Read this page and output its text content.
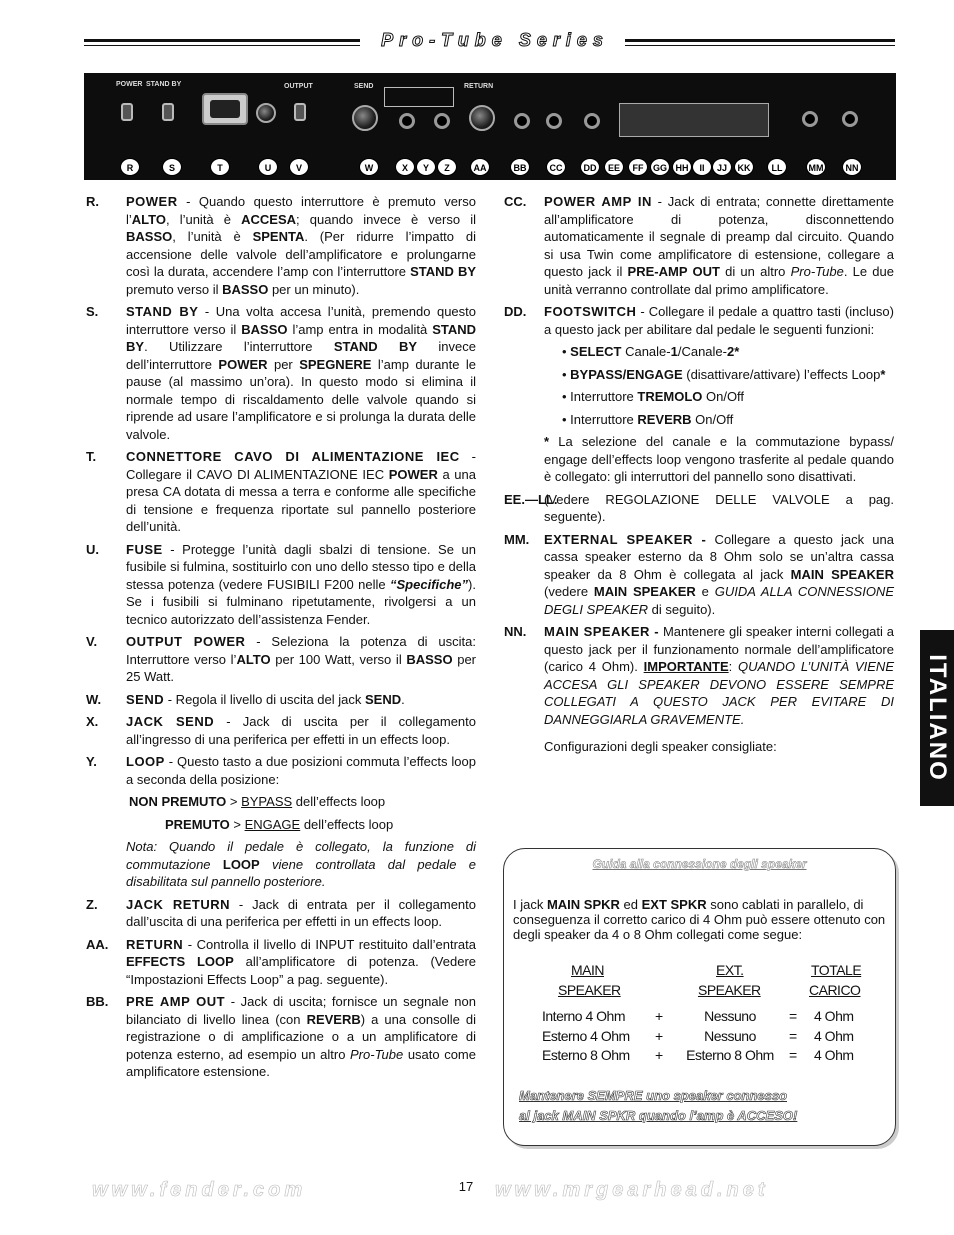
Pro-Tube Series
POWER STAND BY	OUTPUT	SEND	RETURN
R	S	T	U	V	W	X	Y	Z	AA	BB	CC	DD	EE	FF	GG HH	II	JJ	KK	LL	MM	NN
R. POWER - Quando questo interruttore è premuto verso l’ALTO, l’unità è ACCESA; quando invece è verso il BASSO, l’unità è SPENTA. (Per ridurre l’impatto di accensione delle valvole dell’amplificatore e prolungarne così la durata, accendere l’amp con l’interruttore STAND BY premuto verso il BASSO per un minuto).
S. STAND BY - Una volta accesa l’unità, premendo questo interruttore verso il BASSO l’amp entra in modalità STAND BY. Utilizzare l’interruttore STAND BY invece dell’interruttore POWER per SPEGNERE l’amp durante le pause (al massimo un’ora). In questo modo si elimina il normale tempo di riscaldamento delle valvole quando si riprende ad usare l’amplificatore e si prolunga la durata delle valvole.
T. CONNETTORE CAVO DI ALIMENTAZIONE IEC - Collegare il CAVO DI ALIMENTAZIONE IEC POWER a una presa CA dotata di messa a terra e conforme alle specifiche di tensione e frequenza riportate sul pannello posteriore dell’unità.
U. FUSE - Protegge l’unità dagli sbalzi di tensione. Se un fusibile si fulmina, sostituirlo con uno dello stesso tipo e della stessa potenza (vedere FUSIBILI F200 nelle “Specifiche”). Se i fusibili si fulminano ripetutamente, rivolgersi a un tecnico autorizzato dell’assistenza Fender.
V. OUTPUT POWER - Seleziona la potenza di uscita: Interruttore verso l’ALTO per 100 Watt, verso il BASSO per 25 Watt.
W. SEND - Regola il livello di uscita del jack SEND.
X. JACK SEND - Jack di uscita per il collegamento all’ingresso di una periferica per effetti in un effects loop.
Y. LOOP - Questo tasto a due posizioni commuta l’effects loop a seconda della posizione:
NON PREMUTO > BYPASS dell’effects loop
PREMUTO > ENGAGE dell’effects loop
Nota: Quando il pedale è collegato, la funzione di commutazione LOOP viene controllata dal pedale e disabilitata sul pannello posteriore.
Z. JACK RETURN - Jack di entrata per il collegamento dall’uscita di una periferica per effetti in un effects loop.
AA. RETURN - Controlla il livello di INPUT restituito dall’entrata EFFECTS LOOP all’amplificatore di potenza. (Vedere “Impostazioni Effects Loop” a pag. seguente).
BB. PRE AMP OUT - Jack di uscita; fornisce un segnale non bilanciato di livello linea (con REVERB) a una consolle di registrazione o di amplificazione o a un amplificatore di potenza esterno, ad esempio un altro Pro-Tube usato come amplificatore estensione.
CC. POWER AMP IN - Jack di entrata; connette direttamente all’amplificatore di potenza, disconnettendo automaticamente il segnale di preamp dal circuito. Quando si usa Twin come amplificatore di estensione, collegare a questo jack il PRE-AMP OUT di un altro Pro-Tube. Le due unità verranno controllate dal primo amplificatore.
DD. FOOTSWITCH - Collegare il pedale a quattro tasti (incluso) a questo jack per abilitare dal pedale le seguenti funzioni:
• SELECT Canale-1/Canale-2*
• BYPASS/ENGAGE (disattivare/attivare) l’effects Loop*
• Interruttore TREMOLO On/Off
• Interruttore REVERB On/Off
* La selezione del canale e la commutazione bypass/ engage dell’effects loop vengono trasferite al pedale quando è collegato: gli interruttori del pannello sono disattivati.
EE.—LL.
(Vedere REGOLAZIONE DELLE VALVOLE a pag. seguente).
MM. EXTERNAL SPEAKER - Collegare a questo jack una cassa speaker esterno da 8 Ohm solo se un’altra cassa speaker da 8 Ohm è collegata al jack MAIN SPEAKER (vedere MAIN SPEAKER e GUIDA ALLA CONNESSIONE DEGLI SPEAKER di seguito).
NN. MAIN SPEAKER - Mantenere gli speaker interni collegati a questo jack per il funzionamento normale dell’amplificatore (carico 4 Ohm). IMPORTANTE: QUANDO L’UNITÀ VIENE ACCESA GLI SPEAKER DEVONO ESSERE SEMPRE COLLEGATI A QUESTO JACK PER EVITARE DI DANNEGGIARLA GRAVEMENTE.
Configurazioni degli speaker consigliate:	ITALIANO
Guida alla connessione degli speaker
I jack MAIN SPKR ed EXT SPKR sono cablati in parallelo, di conseguenza il corretto carico di 4 Ohm può essere ottenuto con degli speaker da 4 o 8 Ohm collegati come segue:
MAIN
SPEAKER
EXT.
SPEAKER
TOTALE
CARICO
Interno 4 Ohm +	Nessuno	= 4 Ohm
Esterno 4 Ohm +	Nessuno	= 4 Ohm
Esterno 8 Ohm +	Esterno 8 Ohm	= 4 Ohm
Mantenere SEMPRE uno speaker connesso
al jack MAIN SPKR quando l’amp è ACCESO!
www.fender.com	17	www.mrgearhead.net
